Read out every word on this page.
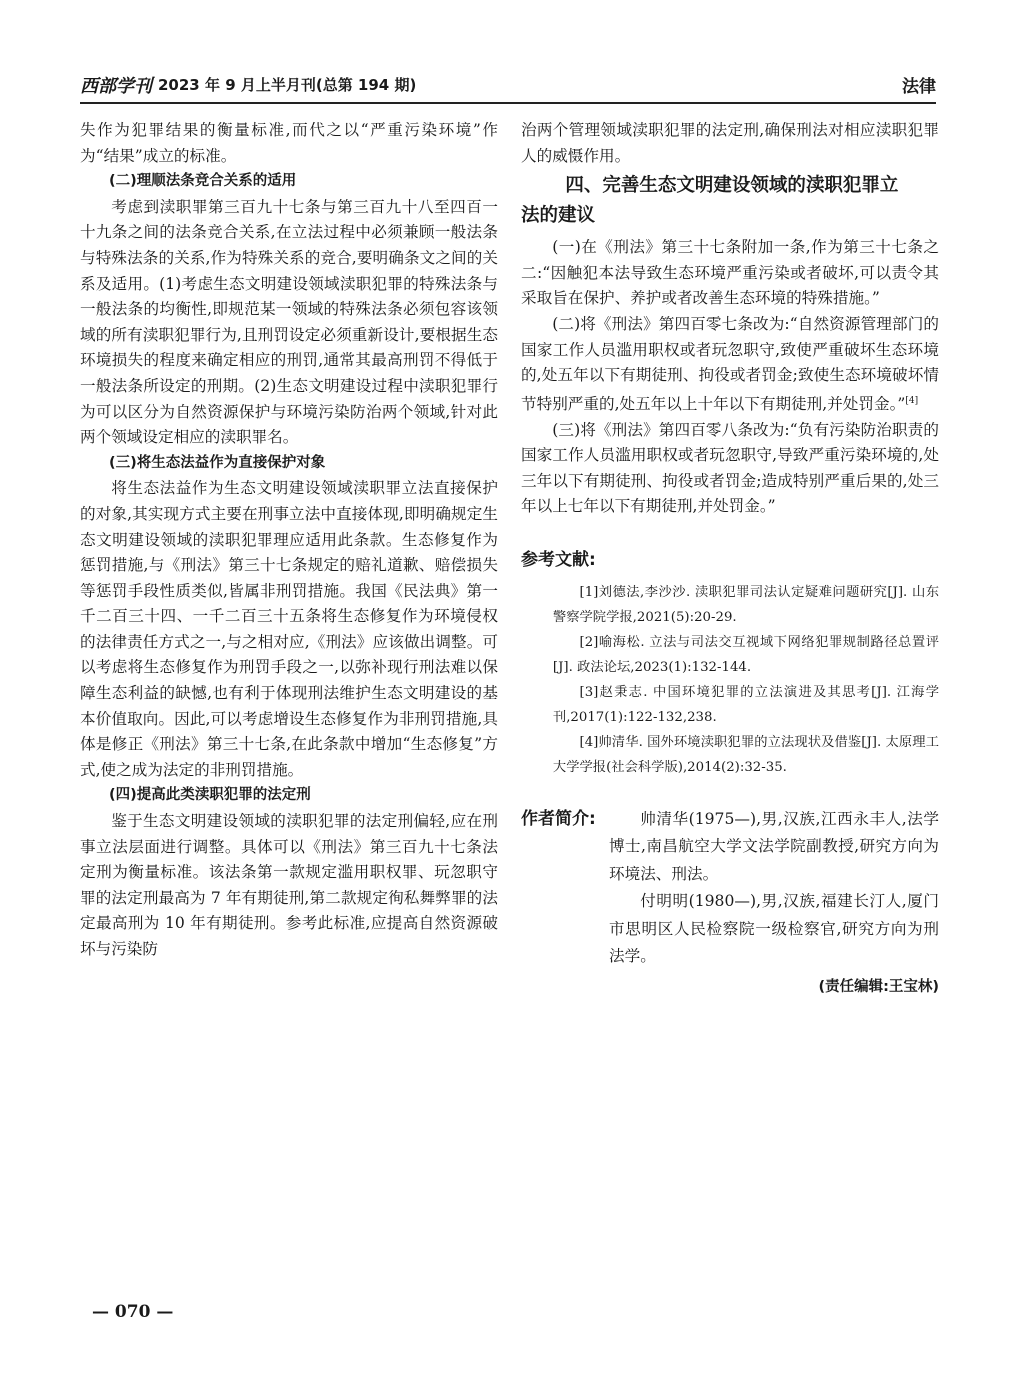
西部学刊 2023 年 9 月上半月刊(总第 194 期)	法律

失作为犯罪结果的衡量标准,而代之以“严重污染环境”作为“结果”成立的标准。

(二)理顺法条竞合关系的适用

考虑到渎职罪第三百九十七条与第三百九十八至四百一十九条之间的法条竞合关系,在立法过程中必须兼顾一般法条与特殊法条的关系,作为特殊关系的竞合,要明确条文之间的关系及适用。(1)考虑生态文明建设领域渎职犯罪的特殊法条与一般法条的均衡性,即规范某一领域的特殊法条必须包容该领域的所有渎职犯罪行为,且刑罚设定必须重新设计,要根据生态环境损失的程度来确定相应的刑罚,通常其最高刑罚不得低于一般法条所设定的刑期。(2)生态文明建设过程中渎职犯罪行为可以区分为自然资源保护与环境污染防治两个领域,针对此两个领域设定相应的渎职罪名。

(三)将生态法益作为直接保护对象

将生态法益作为生态文明建设领域渎职罪立法直接保护的对象,其实现方式主要在刑事立法中直接体现,即明确规定生态文明建设领域的渎职犯罪理应适用此条款。生态修复作为惩罚措施,与《刑法》第三十七条规定的赔礼道歉、赔偿损失等惩罚手段性质类似,皆属非刑罚措施。我国《民法典》第一千二百三十四、一千二百三十五条将生态修复作为环境侵权的法律责任方式之一,与之相对应,《刑法》应该做出调整。可以考虑将生态修复作为刑罚手段之一,以弥补现行刑法难以保障生态利益的缺憾,也有利于体现刑法维护生态文明建设的基本价值取向。因此,可以考虑增设生态修复作为非刑罚措施,具体是修正《刑法》第三十七条,在此条款中增加“生态修复”方式,使之成为法定的非刑罚措施。

(四)提高此类渎职犯罪的法定刑

鉴于生态文明建设领域的渎职犯罪的法定刑偏轻,应在刑事立法层面进行调整。具体可以《刑法》第三百九十七条法定刑为衡量标准。该法条第一款规定滥用职权罪、玩忽职守罪的法定刑最高为 7 年有期徒刑,第二款规定徇私舞弊罪的法定最高刑为 10 年有期徒刑。参考此标准,应提高自然资源破坏与污染防

治两个管理领域渎职犯罪的法定刑,确保刑法对相应渎职犯罪人的威慑作用。

四、完善生态文明建设领域的渎职犯罪立
法的建议

(一)在《刑法》第三十七条附加一条,作为第三十七条之二:“因触犯本法导致生态环境严重污染或者破坏,可以责令其采取旨在保护、养护或者改善生态环境的特殊措施。”

(二)将《刑法》第四百零七条改为:“自然资源管理部门的国家工作人员滥用职权或者玩忽职守,致使严重破坏生态环境的,处五年以下有期徒刑、拘役或者罚金;致使生态环境破坏情节特别严重的,处五年以上十年以下有期徒刑,并处罚金。”[4]

(三)将《刑法》第四百零八条改为:“负有污染防治职责的国家工作人员滥用职权或者玩忽职守,导致严重污染环境的,处三年以下有期徒刑、拘役或者罚金;造成特别严重后果的,处三年以上七年以下有期徒刑,并处罚金。”

参考文献:

[1]刘德法,李沙沙. 渎职犯罪司法认定疑难问题研究[J]. 山东警察学院学报,2021(5):20-29.

[2]喻海松. 立法与司法交互视域下网络犯罪规制路径总置评[J]. 政法论坛,2023(1):132-144.

[3]赵秉志. 中国环境犯罪的立法演进及其思考[J]. 江海学刊,2017(1):122-132,238.

[4]帅清华. 国外环境渎职犯罪的立法现状及借鉴[J]. 太原理工大学学报(社会科学版),2014(2):32-35.

作者简介:	帅清华(1975—),男,汉族,江西永丰人,法学博士,南昌航空大学文法学院副教授,研究方向为环境法、刑法。

付明明(1980—),男,汉族,福建长汀人,厦门市思明区人民检察院一级检察官,研究方向为刑法学。

(责任编辑:王宝林)
— 070 —
